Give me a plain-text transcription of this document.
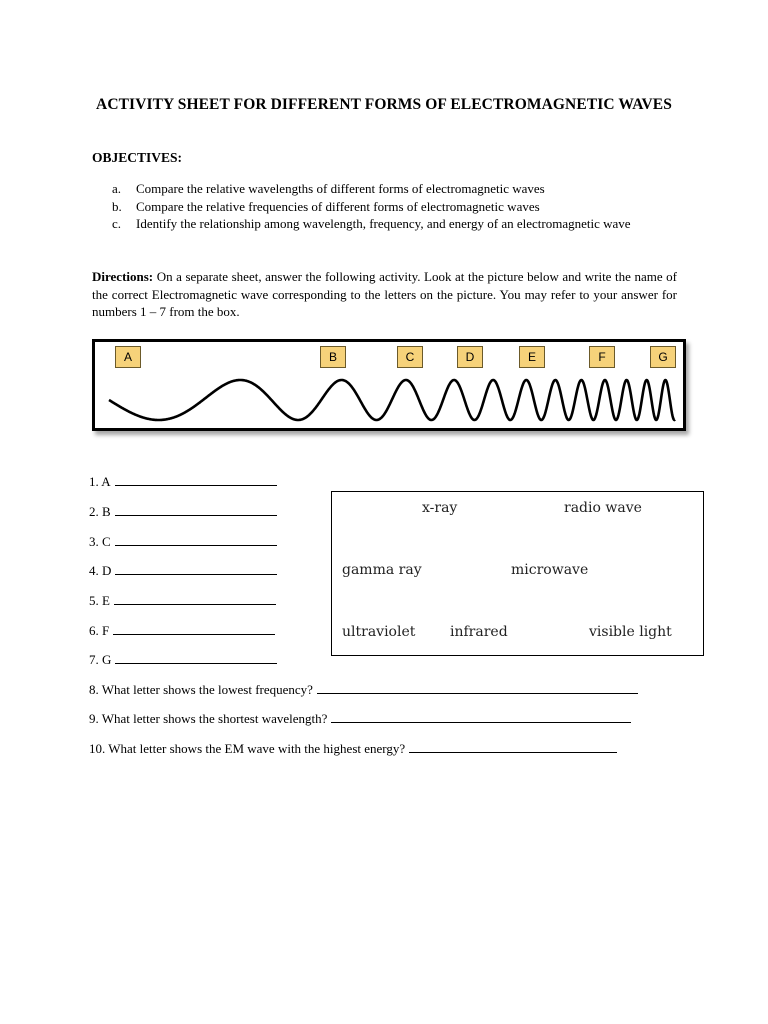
ACTIVITY SHEET FOR DIFFERENT FORMS OF ELECTROMAGNETIC WAVES
OBJECTIVES:
a.	Compare the relative wavelengths of different forms of electromagnetic waves
b.	Compare the relative frequencies of different forms of electromagnetic waves
c.	Identify the relationship among wavelength, frequency, and energy of an electromagnetic wave
Directions: On a separate sheet, answer the following activity. Look at the picture below and write the name of the correct Electromagnetic wave corresponding to the letters on the picture. You may refer to your answer for numbers 1 – 7 from the box.
A	B	C	D	E	F	G
1. A
2. B
3. C
4. D
5. E
6. F
7. G
8. What letter shows the lowest frequency?
9. What letter shows the shortest wavelength?
10. What letter shows the EM wave with the highest energy?
x-ray	radio wave
gamma ray	microwave
ultraviolet infrared	visible light
